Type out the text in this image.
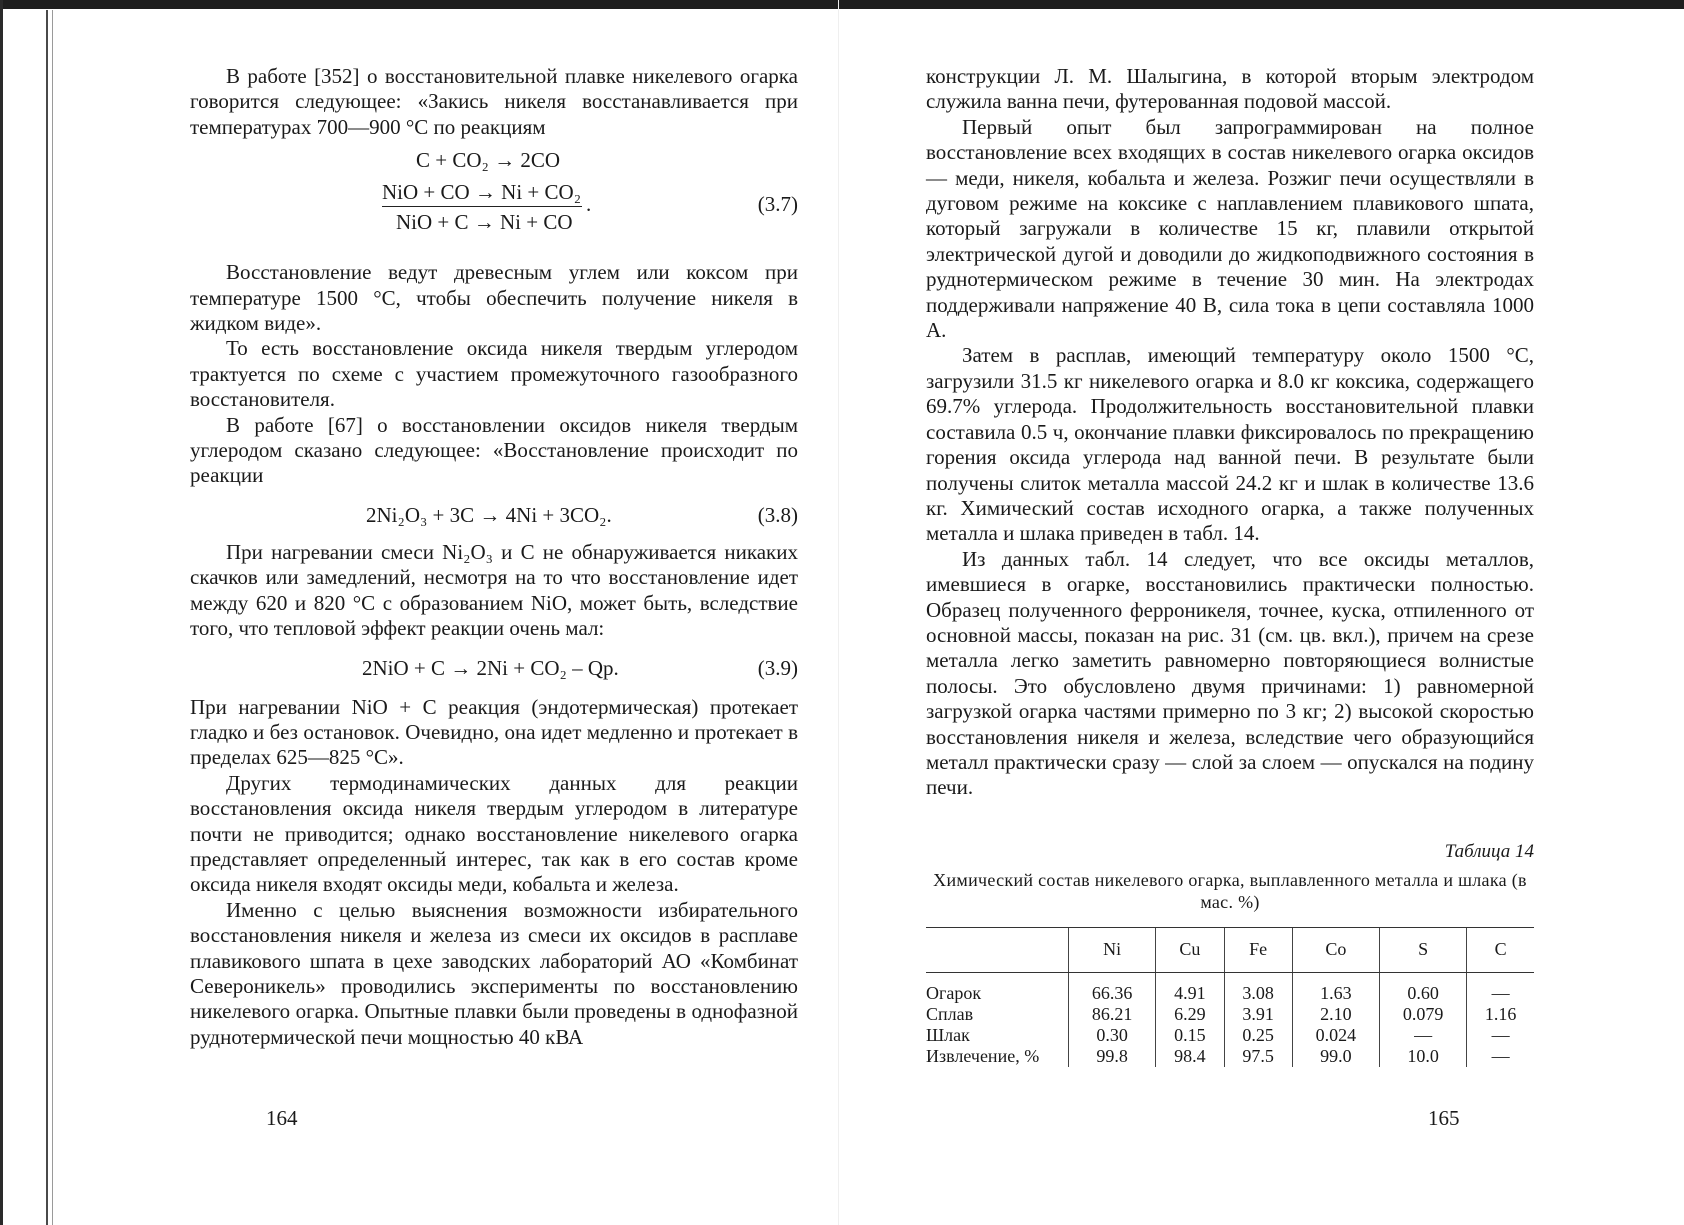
В работе [352] о восстановительной плавке никелевого огарка говорится следующее: «Закись никеля восстанавливается при температурах 700—900 °С по реакциям

C + CO₂ → 2CO
NiO + CO → Ni + CO₂
NiO + C → Ni + CO
.	(3.7)

Восстановление ведут древесным углем или коксом при температуре 1500 °С, чтобы обеспечить получение никеля в жидком виде».

То есть восстановление оксида никеля твердым углеродом трактуется по схеме с участием промежуточного газообразного восстановителя.

В работе [67] о восстановлении оксидов никеля твердым углеродом сказано следующее: «Восстановление происходит по реакции

2Ni₂O₃ + 3C → 4Ni + 3CO₂.	(3.8)

При нагревании смеси Ni₂O₃ и C не обнаруживается никаких скачков или замедлений, несмотря на то что восстановление идет между 620 и 820 °С с образованием NiO, может быть, вследствие того, что тепловой эффект реакции очень мал:

2NiO + C → 2Ni + CO₂ – Qр.	(3.9)

При нагревании NiO + C реакция (эндотермическая) протекает гладко и без остановок. Очевидно, она идет медленно и протекает в пределах 625—825 °С».

Других термодинамических данных для реакции восстановления оксида никеля твердым углеродом в литературе почти не приводится; однако восстановление никелевого огарка представляет определенный интерес, так как в его состав кроме оксида никеля входят оксиды меди, кобальта и железа.

Именно с целью выяснения возможности избирательного восстановления никеля и железа из смеси их оксидов в расплаве плавикового шпата в цехе заводских лабораторий АО «Комбинат Североникель» проводились эксперименты по восстановлению никелевого огарка. Опытные плавки были проведены в однофазной руднотермической печи мощностью 40 кВА

164

конструкции Л. М. Шалыгина, в которой вторым электродом служила ванна печи, футерованная подовой массой.

Первый опыт был запрограммирован на полное восстановление всех входящих в состав никелевого огарка оксидов — меди, никеля, кобальта и железа. Розжиг печи осуществляли в дуговом режиме на коксике с наплавлением плавикового шпата, который загружали в количестве 15 кг, плавили открытой электрической дугой и доводили до жидкоподвижного состояния в руднотермическом режиме в течение 30 мин. На электродах поддерживали напряжение 40 В, сила тока в цепи составляла 1000 А.

Затем в расплав, имеющий температуру около 1500 °С, загрузили 31.5 кг никелевого огарка и 8.0 кг коксика, содержащего 69.7% углерода. Продолжительность восстановительной плавки составила 0.5 ч, окончание плавки фиксировалось по прекращению горения оксида углерода над ванной печи. В результате были получены слиток металла массой 24.2 кг и шлак в количестве 13.6 кг. Химический состав исходного огарка, а также полученных металла и шлака приведен в табл. 14.

Из данных табл. 14 следует, что все оксиды металлов, имевшиеся в огарке, восстановились практически полностью. Образец полученного ферроникеля, точнее, куска, отпиленного от основной массы, показан на рис. 31 (см. цв. вкл.), причем на срезе металла легко заметить равномерно повторяющиеся волнистые полосы. Это обусловлено двумя причинами: 1) равномерной загрузкой огарка частями примерно по 3 кг; 2) высокой скоростью восстановления никеля и железа, вследствие чего образующийся металл практически сразу — слой за слоем — опускался на подину печи.

Таблица 14

Химический состав никелевого огарка, выплавленного металла и шлака (в мас. %)

	Ni	Cu	Fe	Co	S	C
Огарок	66.36	4.91	3.08	1.63	0.60	—
Сплав	86.21	6.29	3.91	2.10	0.079	1.16
Шлак	0.30	0.15	0.25	0.024	—	—
Извлечение, %	99.8	98.4	97.5	99.0	10.0	—
165
